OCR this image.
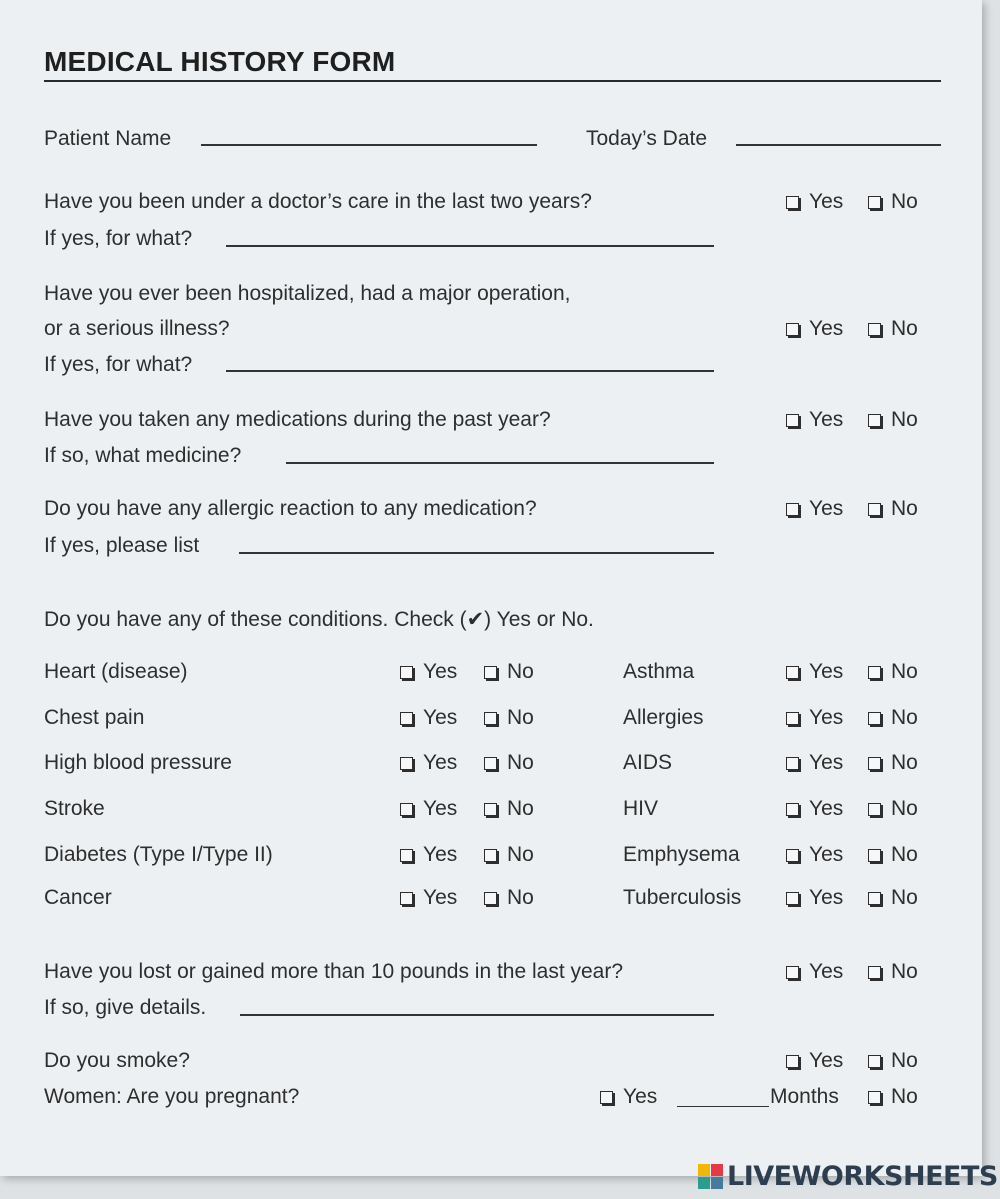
MEDICAL HISTORY FORM
Patient Name	Today’s Date
Have you been under a doctor’s care in the last two years?	Yes No
If yes, for what?
Have you ever been hospitalized, had a major operation,
or a serious illness?	Yes No
If yes, for what?
Have you taken any medications during the past year?	Yes No
If so, what medicine?
Do you have any allergic reaction to any medication?	Yes No
If yes, please list
Do you have any of these conditions. Check (✔) Yes or No.
Heart (disease)	Yes No	Asthma	Yes No
Chest pain	Yes No	Allergies	Yes No
High blood pressure	Yes No	AIDS	Yes No
Stroke	Yes No	HIV	Yes No
Diabetes (Type I/Type II)	Yes No	Emphysema	Yes No
Cancer	Yes No	Tuberculosis	Yes No
Have you lost or gained more than 10 pounds in the last year?	Yes No
If so, give details.
Do you smoke?	Yes No
Women: Are you pregnant?	Yes	Months No
LIVEWORKSHEETS
